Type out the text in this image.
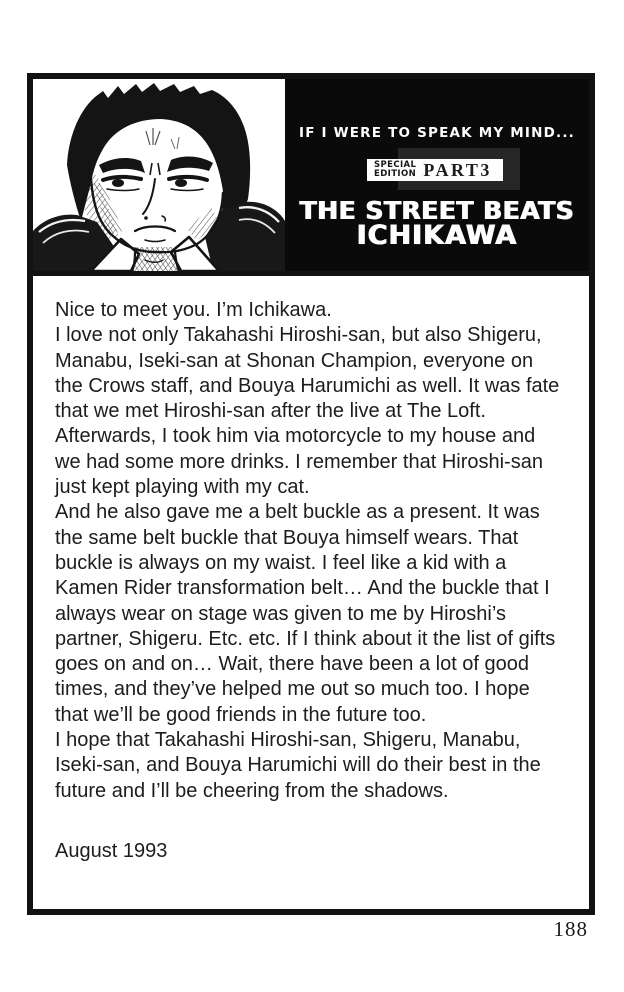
IF I WERE TO SPEAK MY MIND...
SPECIAL
EDITION PART3
THE STREET BEATS
ICHIKAWA
Nice to meet you. I’m Ichikawa.
I love not only Takahashi Hiroshi-san, but also Shigeru,
Manabu, Iseki-san at Shonan Champion, everyone on
the Crows staff, and Bouya Harumichi as well. It was fate
that we met Hiroshi-san after the live at The Loft.
Afterwards, I took him via motorcycle to my house and
we had some more drinks. I remember that Hiroshi-san
just kept playing with my cat.
And he also gave me a belt buckle as a present. It was
the same belt buckle that Bouya himself wears. That
buckle is always on my waist. I feel like a kid with a
Kamen Rider transformation belt… And the buckle that I
always wear on stage was given to me by Hiroshi’s
partner, Shigeru. Etc. etc. If I think about it the list of gifts
goes on and on… Wait, there have been a lot of good
times, and they’ve helped me out so much too. I hope
that we’ll be good friends in the future too.
I hope that Takahashi Hiroshi-san, Shigeru, Manabu,
Iseki-san, and Bouya Harumichi will do their best in the
future and I’ll be cheering from the shadows.
August 1993
188
